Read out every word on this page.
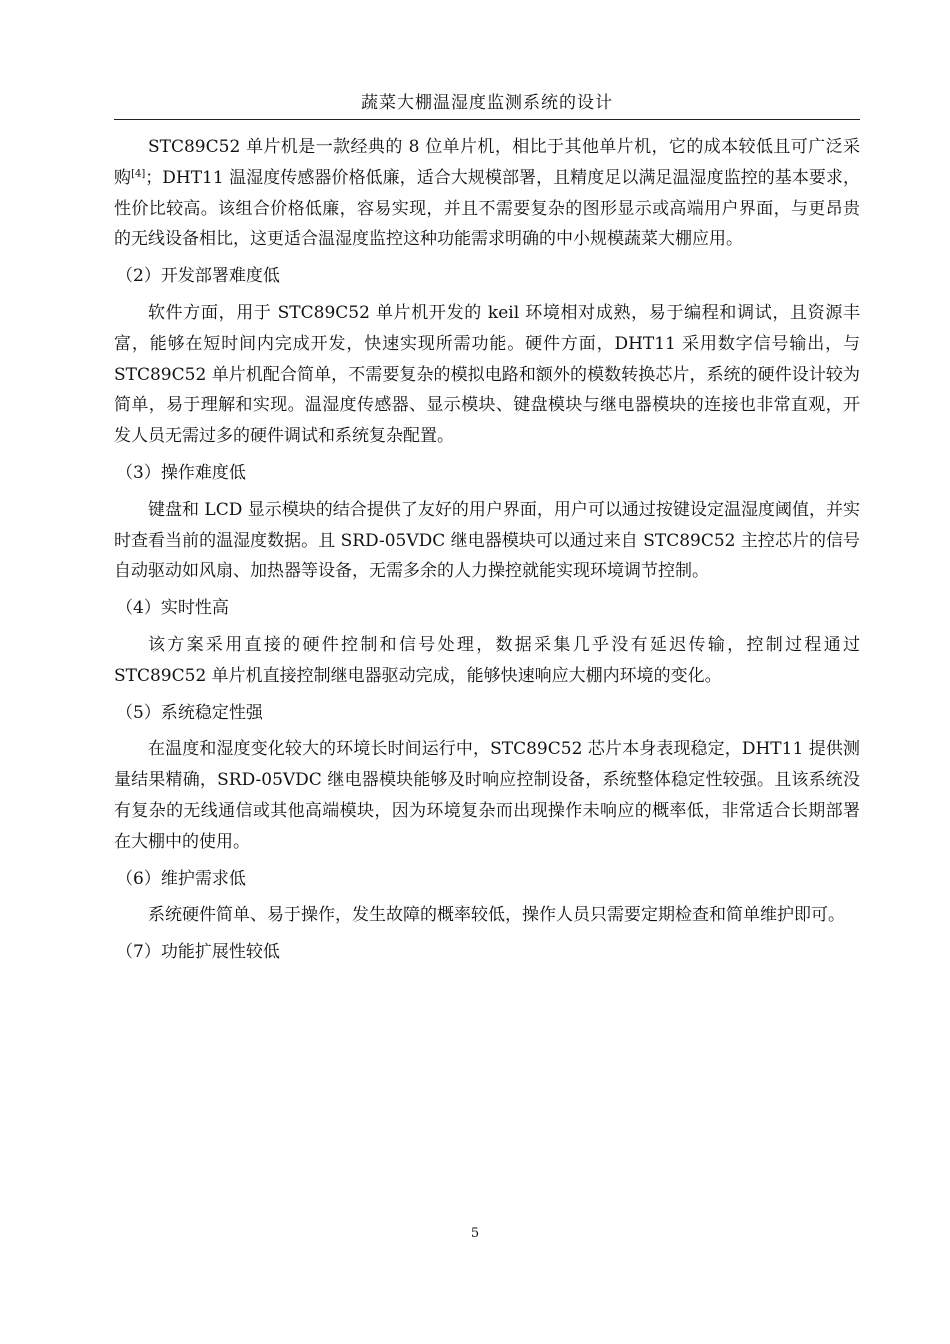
蔬菜大棚温湿度监测系统的设计

STC89C52 单片机是一款经典的 8 位单片机，相比于其他单片机，它的成本较低且可广泛采购[4]；DHT11 温湿度传感器价格低廉，适合大规模部署，且精度足以满足温湿度监控的基本要求，性价比较高。该组合价格低廉，容易实现，并且不需要复杂的图形显示或高端用户界面，与更昂贵的无线设备相比，这更适合温湿度监控这种功能需求明确的中小规模蔬菜大棚应用。

（2）开发部署难度低

软件方面，用于 STC89C52 单片机开发的 keil 环境相对成熟，易于编程和调试，且资源丰富，能够在短时间内完成开发，快速实现所需功能。硬件方面，DHT11 采用数字信号输出，与 STC89C52 单片机配合简单，不需要复杂的模拟电路和额外的模数转换芯片，系统的硬件设计较为简单，易于理解和实现。温湿度传感器、显示模块、键盘模块与继电器模块的连接也非常直观，开发人员无需过多的硬件调试和系统复杂配置。

（3）操作难度低

键盘和 LCD 显示模块的结合提供了友好的用户界面，用户可以通过按键设定温湿度阈值，并实时查看当前的温湿度数据。且 SRD-05VDC 继电器模块可以通过来自 STC89C52 主控芯片的信号自动驱动如风扇、加热器等设备，无需多余的人力操控就能实现环境调节控制。

（4）实时性高

该方案采用直接的硬件控制和信号处理，数据采集几乎没有延迟传输，控制过程通过 STC89C52 单片机直接控制继电器驱动完成，能够快速响应大棚内环境的变化。

（5）系统稳定性强

在温度和湿度变化较大的环境长时间运行中，STC89C52 芯片本身表现稳定，DHT11 提供测量结果精确，SRD-05VDC 继电器模块能够及时响应控制设备，系统整体稳定性较强。且该系统没有复杂的无线通信或其他高端模块，因为环境复杂而出现操作未响应的概率低，非常适合长期部署在大棚中的使用。

（6）维护需求低

系统硬件简单、易于操作，发生故障的概率较低，操作人员只需要定期检查和简单维护即可。

（7）功能扩展性较低

5
